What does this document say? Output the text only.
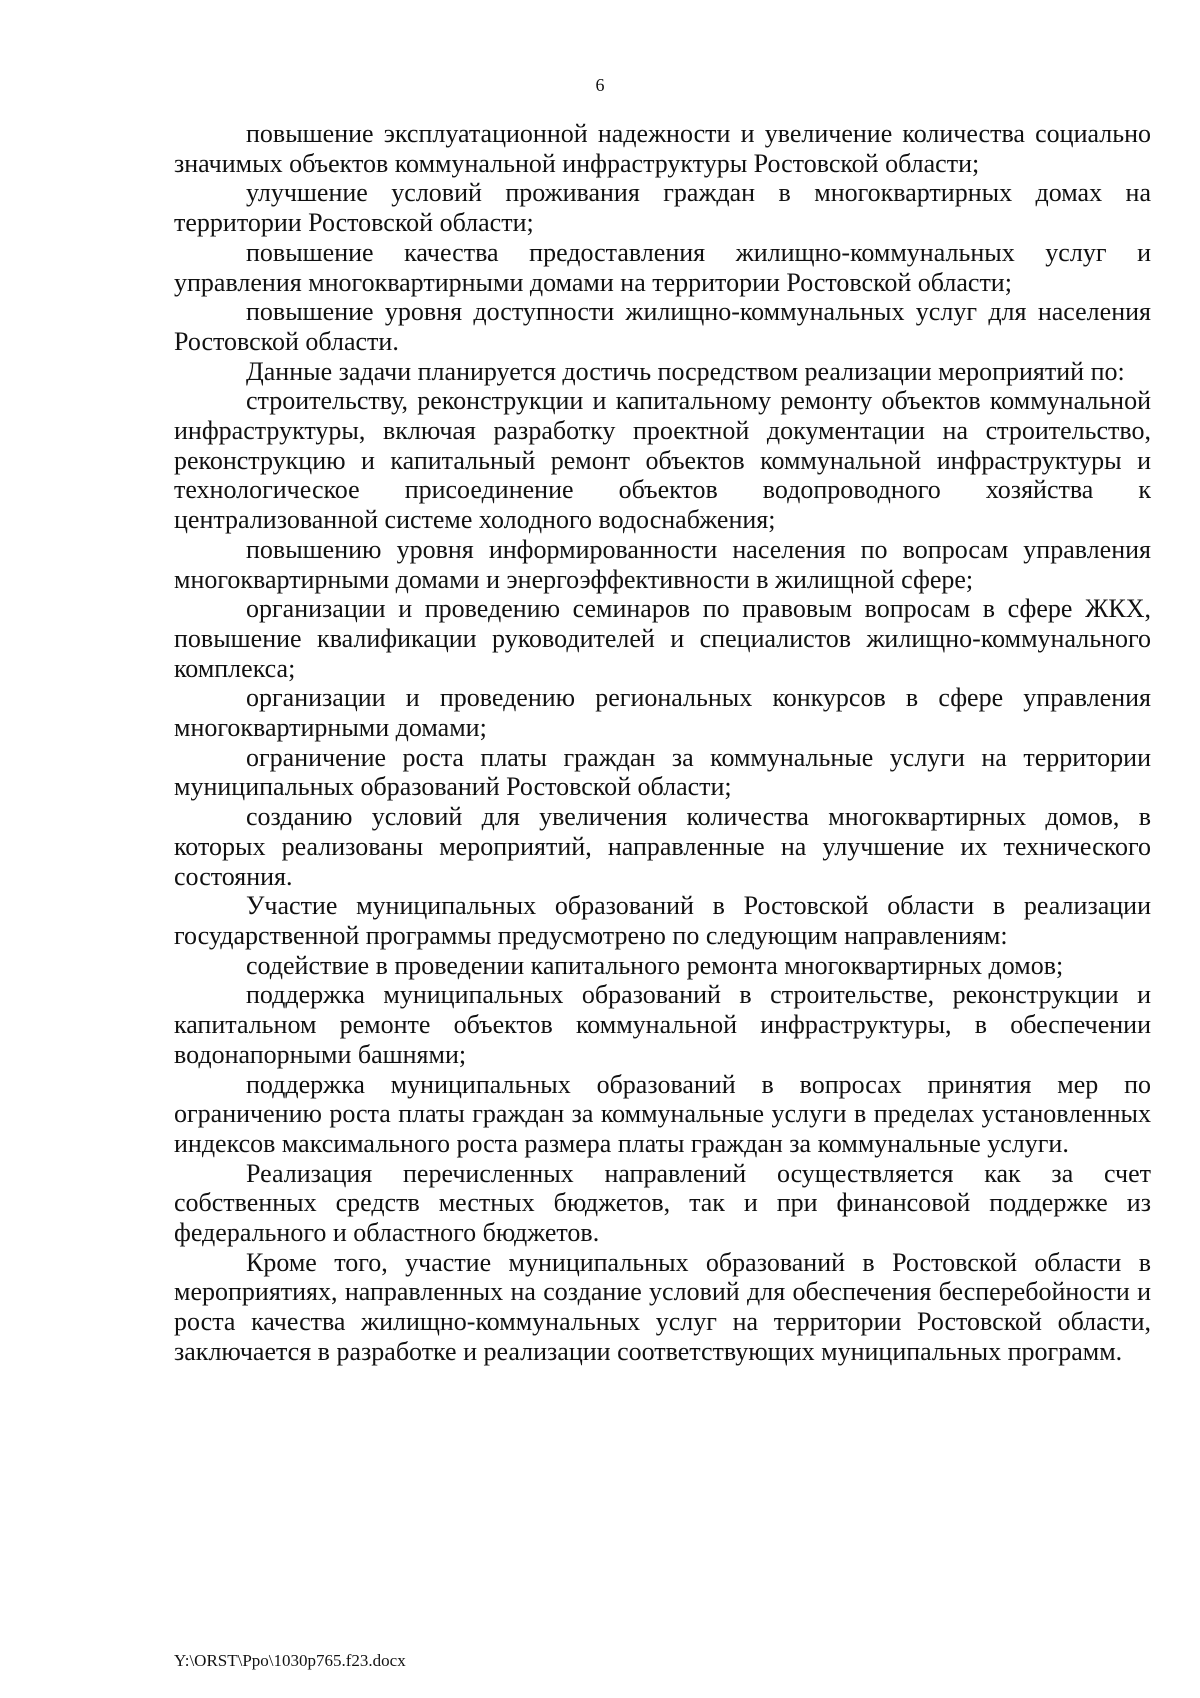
6

повышение эксплуатационной надежности и увеличение количества социально значимых объектов коммунальной инфраструктуры Ростовской области;

улучшение условий проживания граждан в многоквартирных домах на территории Ростовской области;

повышение качества предоставления жилищно-коммунальных услуг и управления многоквартирными домами на территории Ростовской области;

повышение уровня доступности жилищно-коммунальных услуг для населения Ростовской области.

Данные задачи планируется достичь посредством реализации мероприятий по:

строительству, реконструкции и капитальному ремонту объектов коммунальной инфраструктуры, включая разработку проектной документации на строительство, реконструкцию и капитальный ремонт объектов коммунальной инфраструктуры и технологическое присоединение объектов водопроводного хозяйства к централизованной системе холодного водоснабжения;

повышению уровня информированности населения по вопросам управления многоквартирными домами и энергоэффективности в жилищной сфере;

организации и проведению семинаров по правовым вопросам в сфере ЖКХ, повышение квалификации руководителей и специалистов жилищно-коммунального комплекса;

организации и проведению региональных конкурсов в сфере управления многоквартирными домами;

ограничение роста платы граждан за коммунальные услуги на территории муниципальных образований Ростовской области;

созданию условий для увеличения количества многоквартирных домов, в которых реализованы мероприятий, направленные на улучшение их технического состояния.

Участие муниципальных образований в Ростовской области в реализации государственной программы предусмотрено по следующим направлениям:

содействие в проведении капитального ремонта многоквартирных домов;

поддержка муниципальных образований в строительстве, реконструкции и капитальном ремонте объектов коммунальной инфраструктуры, в обеспечении водонапорными башнями;

поддержка муниципальных образований в вопросах принятия мер по ограничению роста платы граждан за коммунальные услуги в пределах установленных индексов максимального роста размера платы граждан за коммунальные услуги.

Реализация перечисленных направлений осуществляется как за счет собственных средств местных бюджетов, так и при финансовой поддержке из федерального и областного бюджетов.

Кроме того, участие муниципальных образований в Ростовской области в мероприятиях, направленных на создание условий для обеспечения бесперебойности и роста качества жилищно-коммунальных услуг на территории Ростовской области, заключается в разработке и реализации соответствующих муниципальных программ.

Y:\ORST\Ppo\1030p765.f23.docx
